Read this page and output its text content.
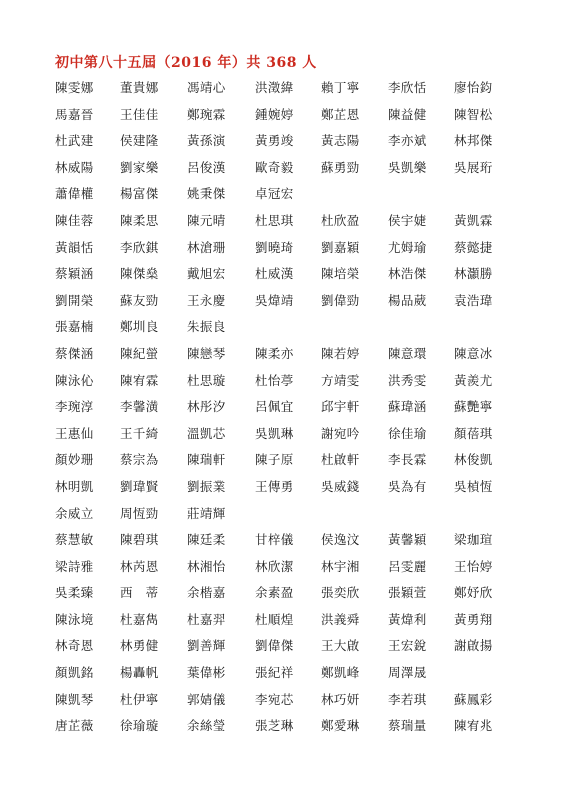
初中第八十五屆（2016 年）共 368 人
陳雯娜 董貴娜 馮靖心 洪澂緯 賴丁寧 李欣恬 廖怡鈞
馬嘉晉 王佳佳 鄭琬霖 鍾婉婷 鄭芷恩 陳益健 陳智松
杜武建 侯建隆 黃孫演 黃勇竣 黃志陽 李亦斌 林邦傑
林威陽 劉家樂 呂俊漢 歐奇毅 蘇勇勁 吳凱樂 吳展珩
蕭偉權 楊富傑 姚秉傑 卓冠宏
陳佳蓉 陳柔思 陳元晴 杜思琪 杜欣盈 侯宇婕 黃凱霖
黃韻恬 李欣錤 林滄珊 劉曉琦 劉嘉穎 尤姆瑜 蔡懿捷
蔡穎涵 陳傑燊 戴旭宏 杜威漢 陳培榮 林浩傑 林灝勝
劉開榮 蘇友勁 王永慶 吳煒靖 劉偉勁 楊品葳 袁浩瑋
張嘉楠 鄭圳良 朱振良
蔡傑涵 陳紀螢 陳戀琴 陳柔亦 陳若婷 陳意環 陳意冰
陳泳伈 陳宥霖 杜思璇 杜怡葶 方靖雯 洪秀雯 黃羨尤
李琬淳 李馨潢 林彤汐 呂佩宜 邱宇軒 蘇瑋涵 蘇艷寧
王惠仙 王千綺 溫凱芯 吳凱琳 謝宛吟 徐佳瑜 顏蓓琪
顏妙珊 蔡宗為 陳瑞軒 陳子原 杜啟軒 李長霖 林俊凱
林明凱 劉瑋賢 劉振業 王傳勇 吳威錢 吳為有 吳楨恆
余威立 周恆勁 莊靖輝
蔡慧敏 陳碧琪 陳廷柔 甘梓儀 侯逸汶 黃馨穎 梁珈瑄
梁詩雅 林芮恩 林湘怡 林欣潔 林宇湘 呂雯麗 王怡婷
吳柔臻 西　蒂 余楷嘉 余素盈 張奕欣 張穎萱 鄭妤欣
陳泳境 杜嘉雋 杜嘉羿 杜順煌 洪義舜 黃煒利 黃勇翔
林奇恩 林勇健 劉善輝 劉偉傑 王大啟 王宏銳 謝啟揚
顏凱銘 楊轟帆 葉偉彬 張紀祥 鄭凱峰 周澤晟
陳凱琴 杜伊寧 郭婧儀 李宛芯 林巧妍 李若琪 蘇鳳彩
唐芷薇 徐瑜璇 余絲瑩 張芝琳 鄭愛琳 蔡瑞量 陳宥兆
